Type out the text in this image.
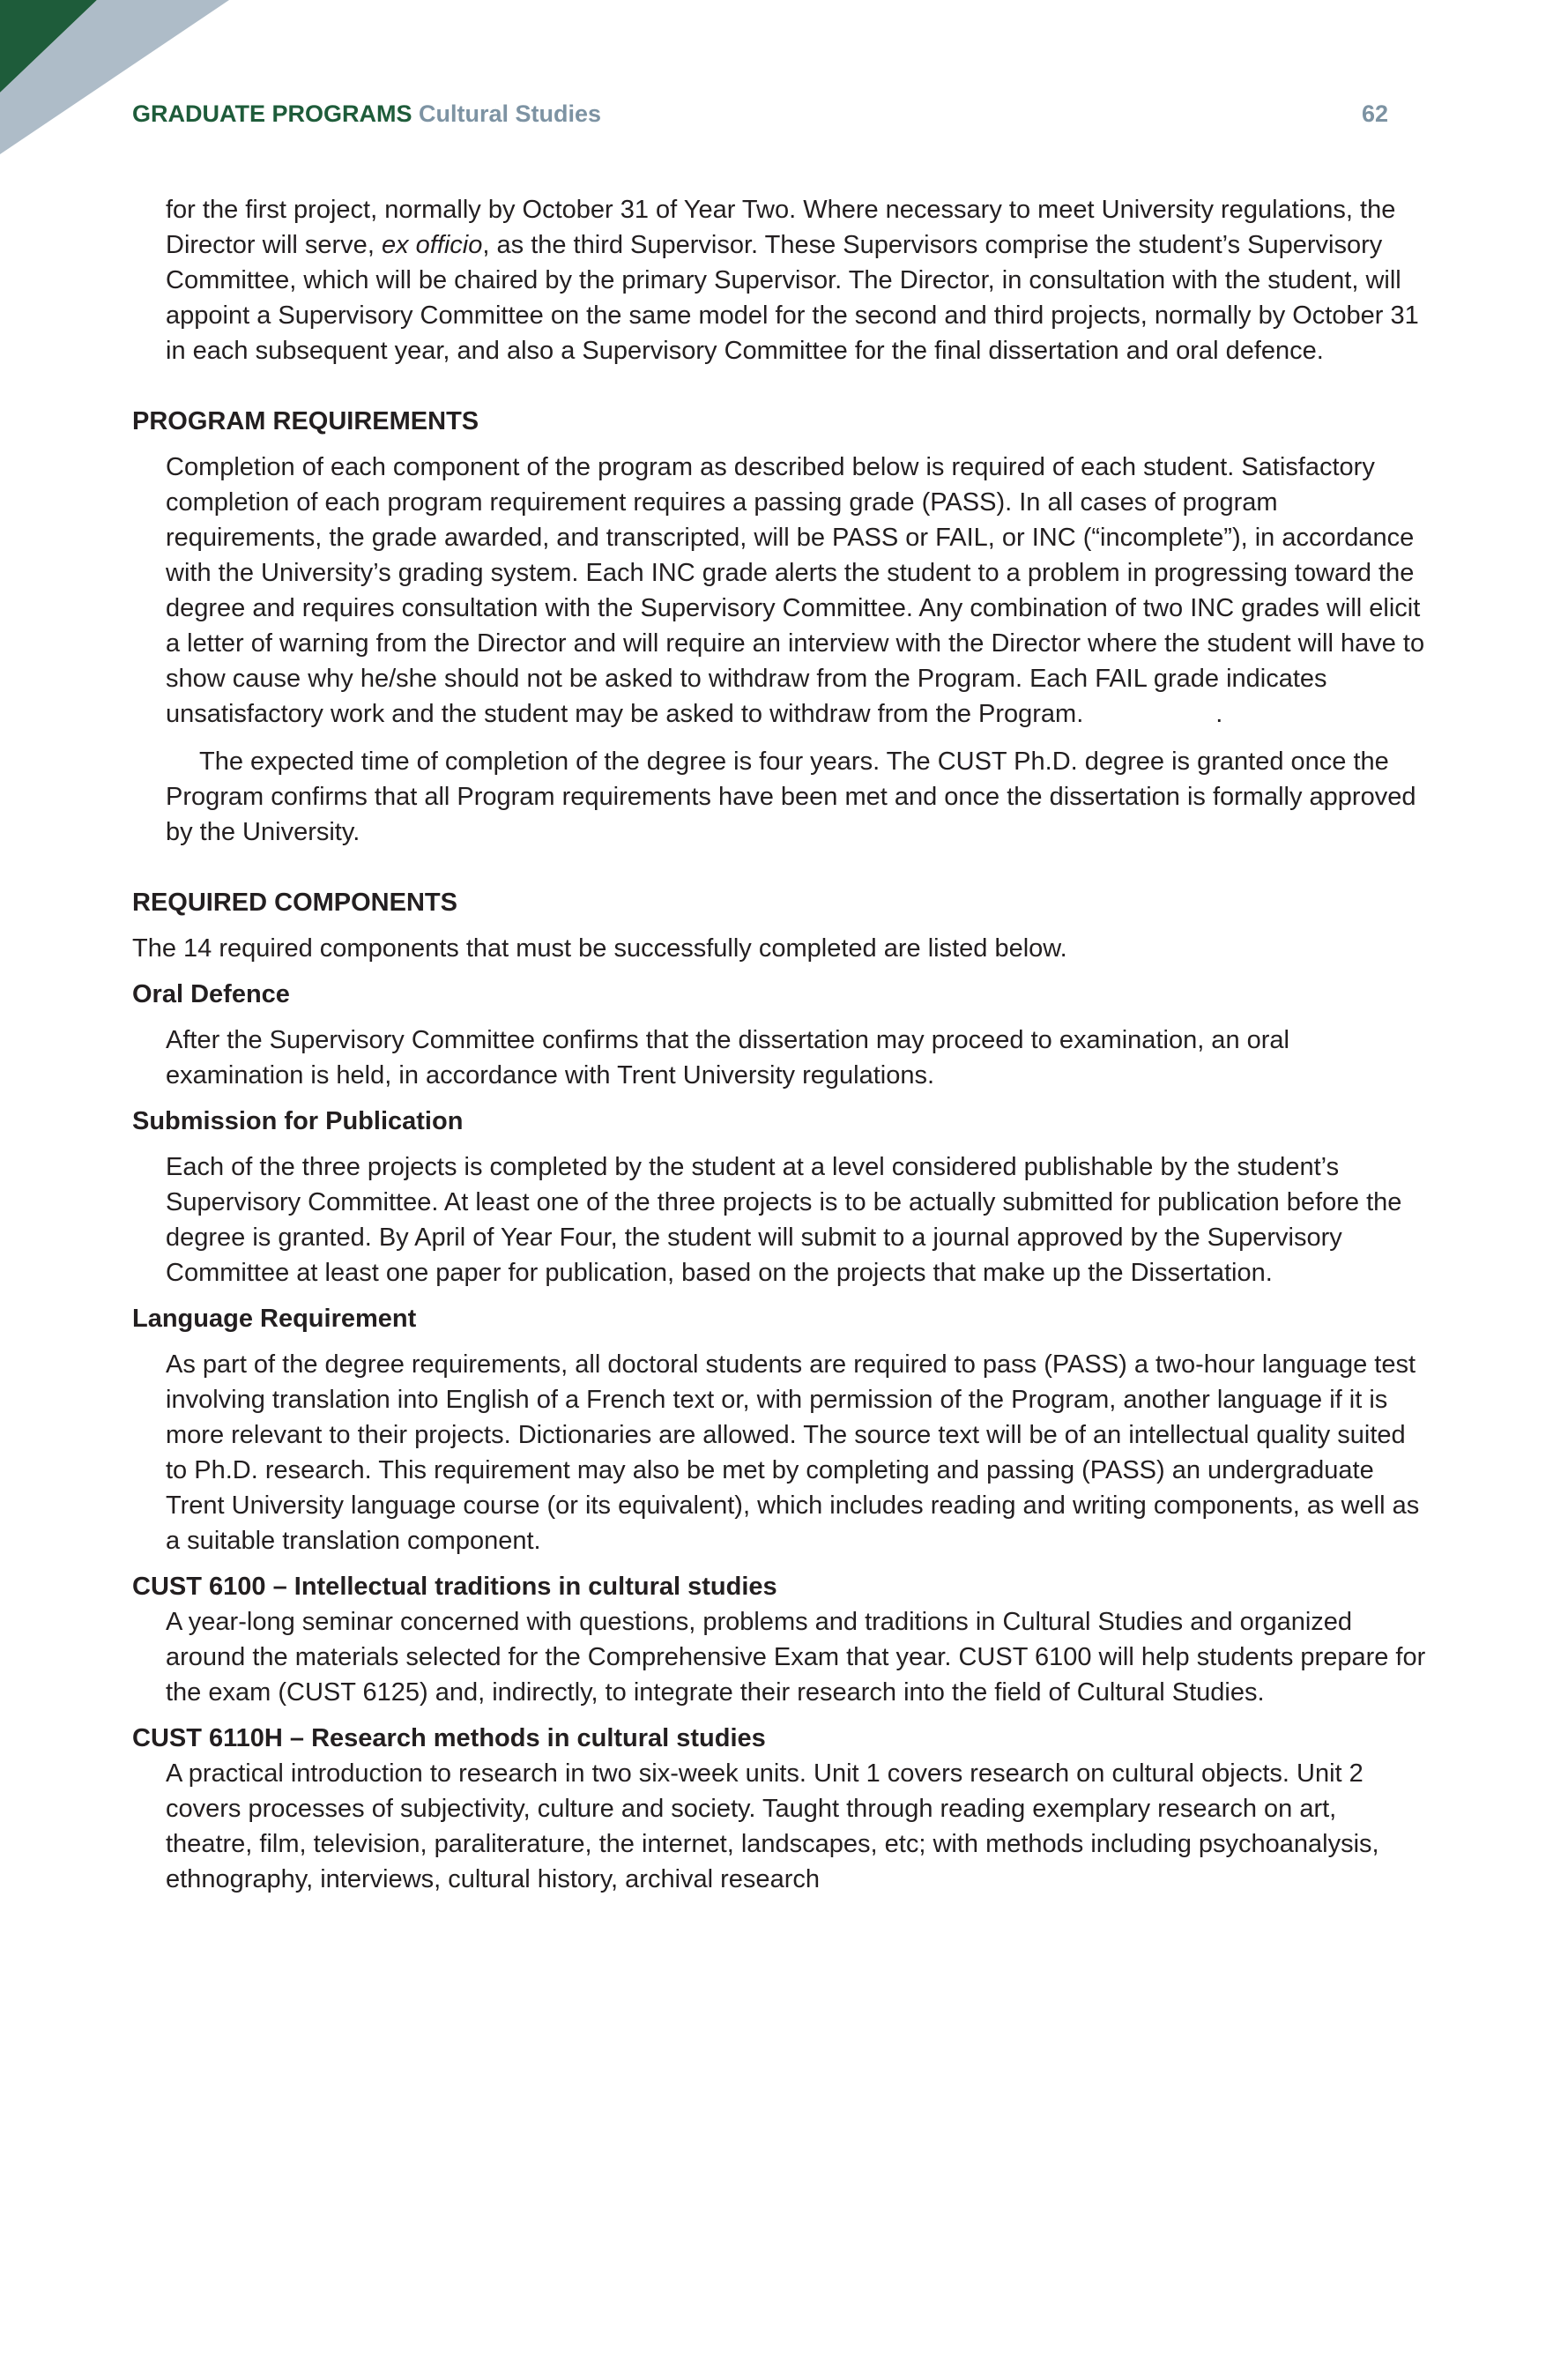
GRADUATE PROGRAMS Cultural Studies	62

for the first project, normally by October 31 of Year Two. Where necessary to meet University regulations, the Director will serve, ex officio, as the third Supervisor. These Supervisors comprise the student’s Supervisory Committee, which will be chaired by the primary Supervisor. The Director, in consultation with the student, will appoint a Supervisory Committee on the same model for the second and third projects, normally by October 31 in each subsequent year, and also a Supervisory Committee for the final dissertation and oral defence.

PROGRAM REQUIREMENTS

Completion of each component of the program as described below is required of each student. Satisfactory completion of each program requirement requires a passing grade (PASS). In all cases of program requirements, the grade awarded, and transcripted, will be PASS or FAIL, or INC (“incomplete”), in accordance with the University’s grading system. Each INC grade alerts the student to a problem in progressing toward the degree and requires consultation with the Supervisory Committee. Any combination of two INC grades will elicit a letter of warning from the Director and will require an interview with the Director where the student will have to show cause why he/she should not be asked to withdraw from the Program. Each FAIL grade indicates unsatisfactory work and the student may be asked to withdraw from the Program.	.

The expected time of completion of the degree is four years. The CUST Ph.D. degree is granted once the Program confirms that all Program requirements have been met and once the dissertation is formally approved by the University.

REQUIRED COMPONENTS

The 14 required components that must be successfully completed are listed below.

Oral Defence

After the Supervisory Committee confirms that the dissertation may proceed to examination, an oral examination is held, in accordance with Trent University regulations.

Submission for Publication

Each of the three projects is completed by the student at a level considered publishable by the student’s Supervisory Committee. At least one of the three projects is to be actually submitted for publication before the degree is granted. By April of Year Four, the student will submit to a journal approved by the Supervisory Committee at least one paper for publication, based on the projects that make up the Dissertation.

Language Requirement

As part of the degree requirements, all doctoral students are required to pass (PASS) a two-hour language test involving translation into English of a French text or, with permission of the Program, another language if it is more relevant to their projects. Dictionaries are allowed. The source text will be of an intellectual quality suited to Ph.D. research. This requirement may also be met by completing and passing (PASS) an undergraduate Trent University language course (or its equivalent), which includes reading and writing components, as well as a suitable translation component.

CUST 6100 – Intellectual traditions in cultural studies

A year-long seminar concerned with questions, problems and traditions in Cultural Studies and organized around the materials selected for the Comprehensive Exam that year. CUST 6100 will help students prepare for the exam (CUST 6125) and, indirectly, to integrate their research into the field of Cultural Studies.

CUST 6110H – Research methods in cultural studies

A practical introduction to research in two six-week units. Unit 1 covers research on cultural objects. Unit 2 covers processes of subjectivity, culture and society. Taught through reading exemplary research on art, theatre, film, television, paraliterature, the internet, landscapes, etc; with methods including psychoanalysis, ethnography, interviews, cultural history, archival research
